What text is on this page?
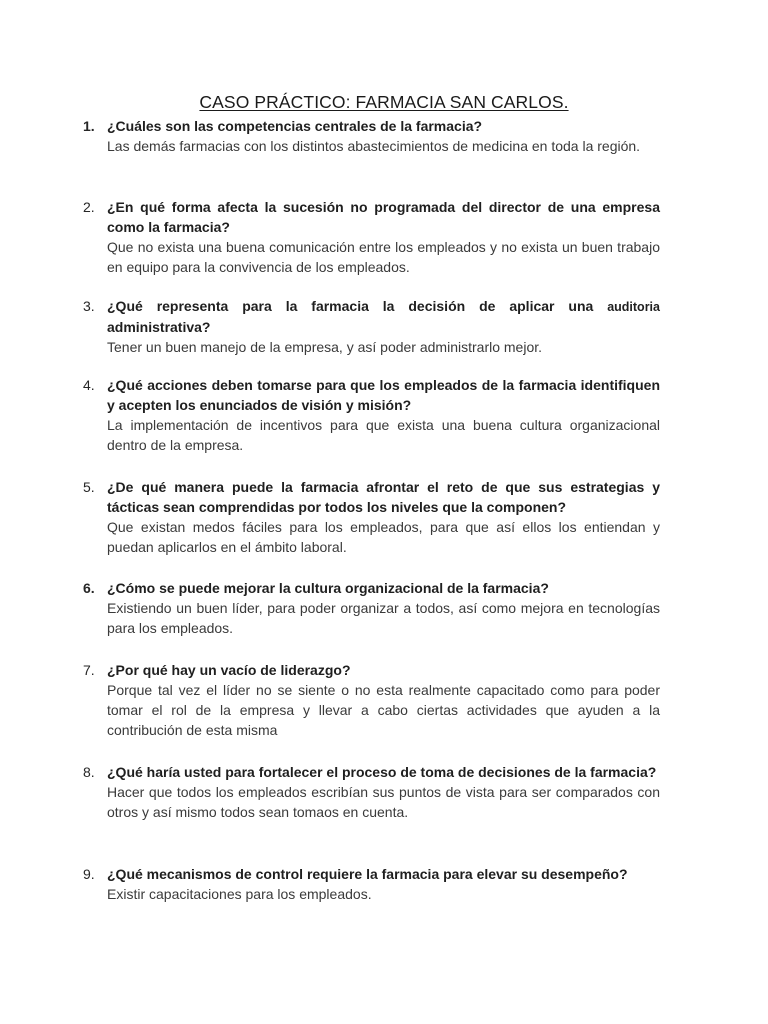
CASO PRÁCTICO: FARMACIA SAN CARLOS.
1. ¿Cuáles son las competencias centrales de la farmacia?
Las demás farmacias con los distintos abastecimientos de medicina en toda la región.
2. ¿En qué forma afecta la sucesión no programada del director de una empresa como la farmacia?
Que no exista una buena comunicación entre los empleados y no exista un buen trabajo en equipo para la convivencia de los empleados.
3. ¿Qué representa para la farmacia la decisión de aplicar una auditoria administrativa?
Tener un buen manejo de la empresa, y así poder administrarlo mejor.
4. ¿Qué acciones deben tomarse para que los empleados de la farmacia identifiquen y acepten los enunciados de visión y misión?
La implementación de incentivos para que exista una buena cultura organizacional dentro de la empresa.
5. ¿De qué manera puede la farmacia afrontar el reto de que sus estrategias y tácticas sean comprendidas por todos los niveles que la componen?
Que existan medos fáciles para los empleados, para que así ellos los entiendan y puedan aplicarlos en el ámbito laboral.
6. ¿Cómo se puede mejorar la cultura organizacional de la farmacia?
Existiendo un buen líder, para poder organizar a todos, así como mejora en tecnologías para los empleados.
7. ¿Por qué hay un vacío de liderazgo?
Porque tal vez el líder no se siente o no esta realmente capacitado como para poder tomar el rol de la empresa y llevar a cabo ciertas actividades que ayuden a la contribución de esta misma
8. ¿Qué haría usted para fortalecer el proceso de toma de decisiones de la farmacia?
Hacer que todos los empleados escribían sus puntos de vista para ser comparados con otros y así mismo todos sean tomaos en cuenta.
9. ¿Qué mecanismos de control requiere la farmacia para elevar su desempeño?
Existir capacitaciones para los empleados.
